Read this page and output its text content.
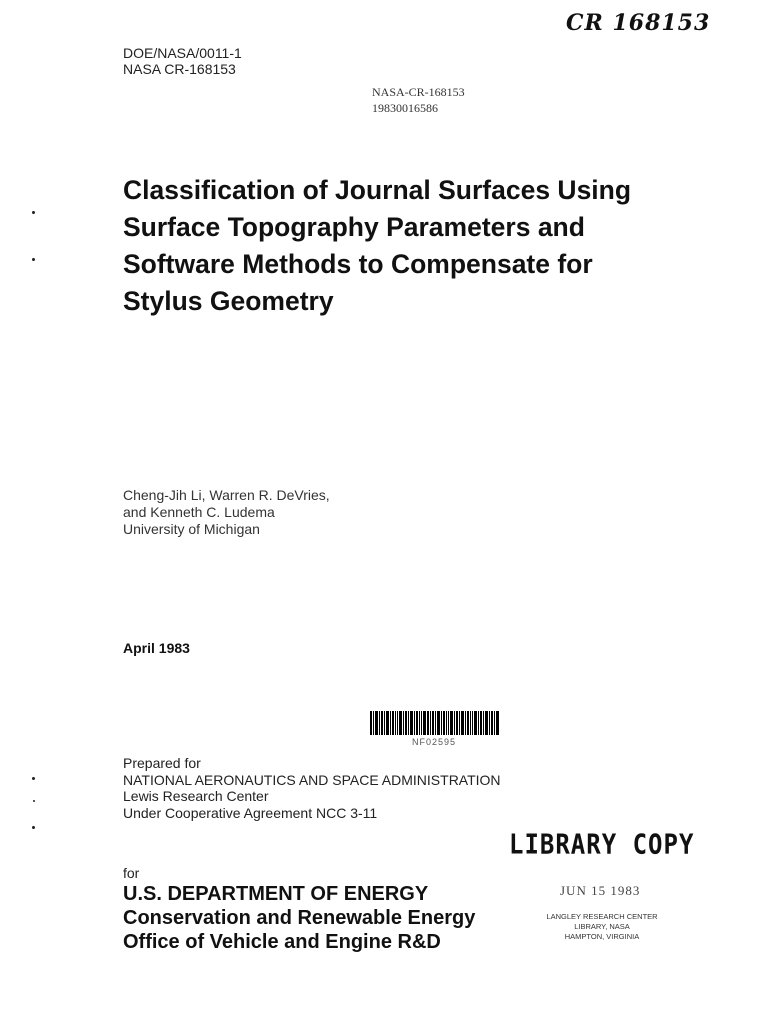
CR 168153
DOE/NASA/0011-1
NASA CR-168153
NASA-CR-168153
19830016586
Classification of Journal Surfaces Using
Surface Topography Parameters and
Software Methods to Compensate for
Stylus Geometry
Cheng-Jih Li, Warren R. DeVries,
and Kenneth C. Ludema
University of Michigan
April 1983
NF02595
Prepared for
NATIONAL AERONAUTICS AND SPACE ADMINISTRATION
Lewis Research Center
Under Cooperative Agreement NCC 3-11
LIBRARY COPY
for
U.S. DEPARTMENT OF ENERGY
Conservation and Renewable Energy
Office of Vehicle and Engine R&D
JUN 15 1983
LANGLEY RESEARCH CENTER
LIBRARY, NASA
HAMPTON, VIRGINIA
